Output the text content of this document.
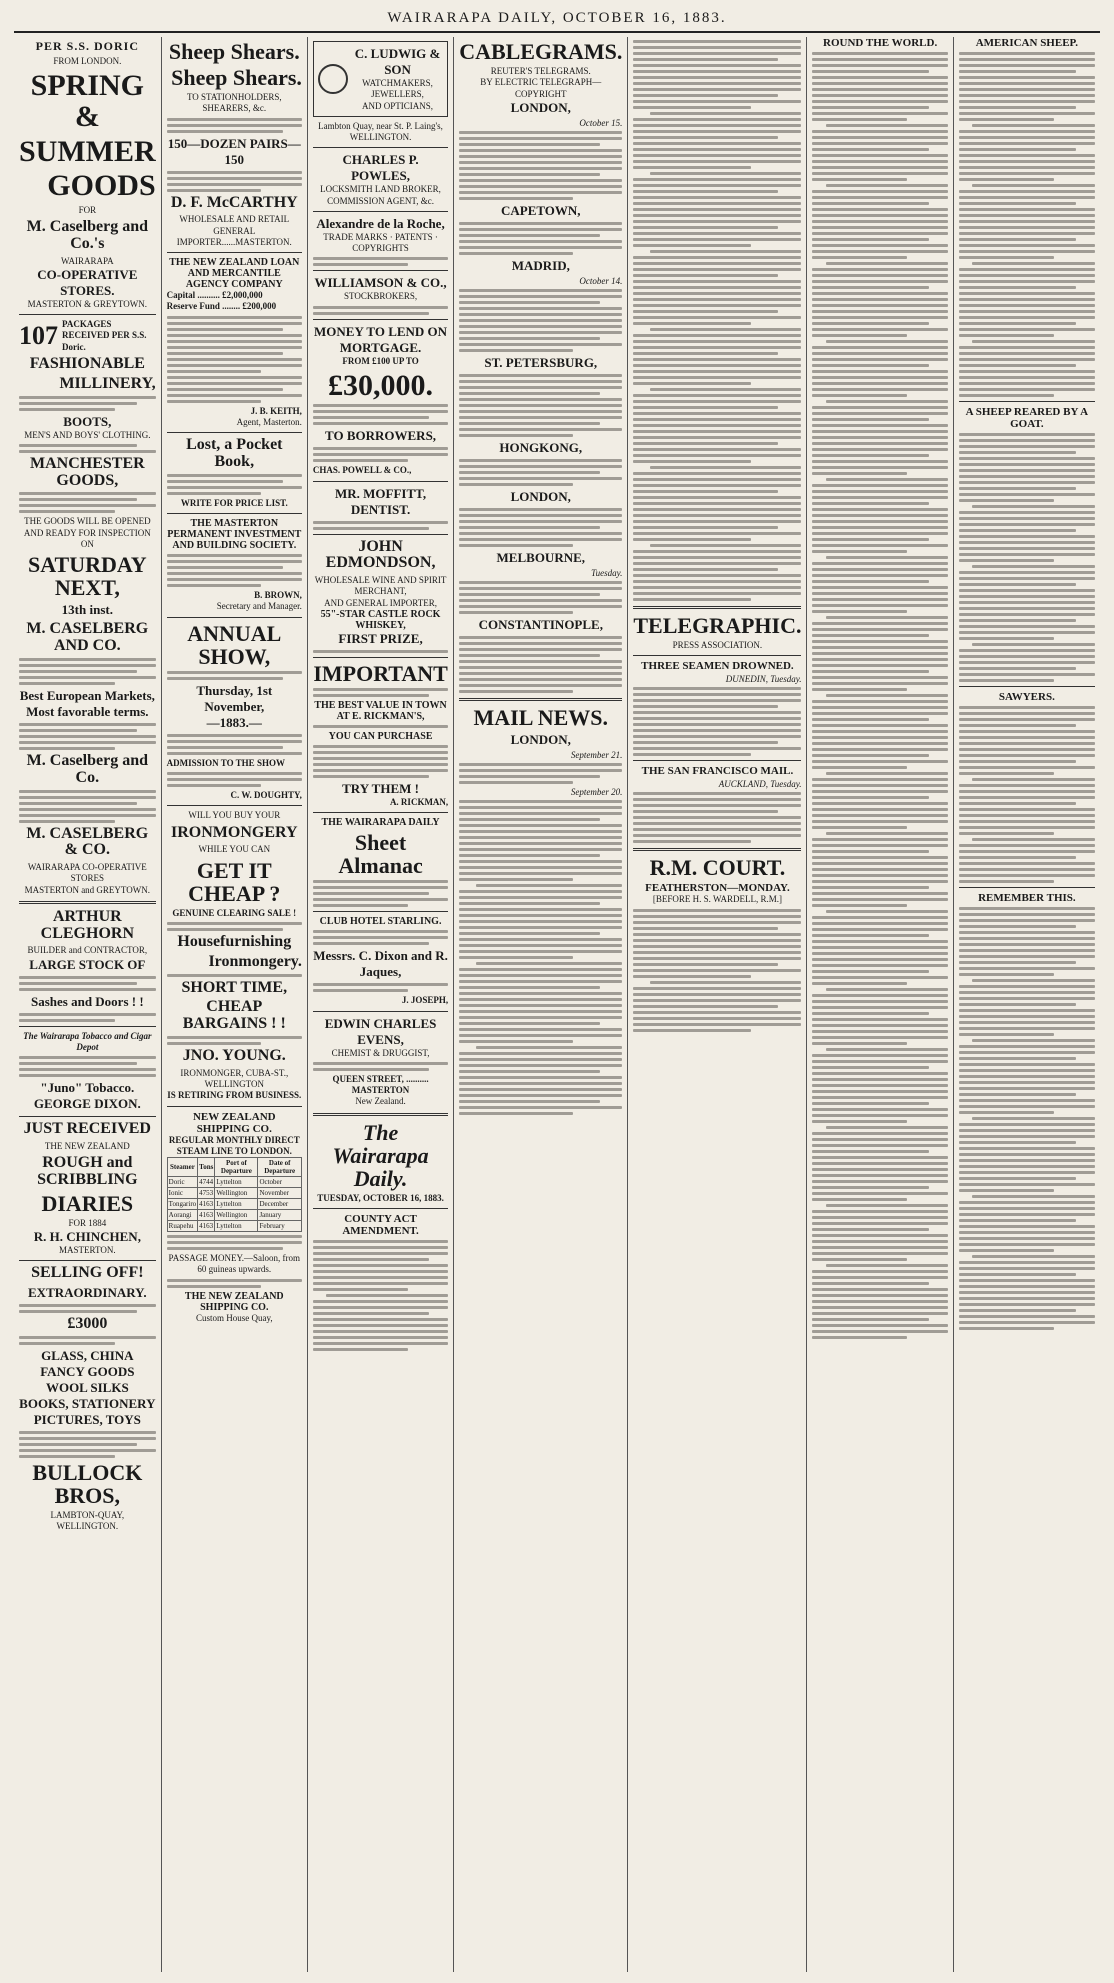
WAIRARAPA DAILY, OCTOBER 16, 1883.
PER S.S. DORIC
FROM LONDON.
SPRING &
SUMMER
GOODS
FOR
M. Caselberg and Co.'s
WAIRARAPA
CO-OPERATIVE STORES.
MASTERTON & GREYTOWN.
107 PACKAGES RECEIVED PER S.S. Doric.
FASHIONABLE
MILLINERY,
BOOTS,
MEN'S AND BOYS' CLOTHING.
MANCHESTER GOODS,
THE GOODS WILL BE OPENED AND READY FOR INSPECTION ON
SATURDAY NEXT,
13th inst.
M. CASELBERG AND CO.
Best European Markets,
Most favorable terms.
M. Caselberg and Co.
M. CASELBERG & CO.
WAIRARAPA CO-OPERATIVE STORES
MASTERTON and GREYTOWN.
ARTHUR CLEGHORN
BUILDER and CONTRACTOR,
LARGE STOCK OF
Sashes and Doors ! !
The Wairarapa Tobacco and Cigar Depot
"Juno" Tobacco.
GEORGE DIXON.
JUST RECEIVED
THE NEW ZEALAND
ROUGH and SCRIBBLING
DIARIES
FOR 1884
R. H. CHINCHEN,
MASTERTON.
SELLING OFF!
EXTRAORDINARY.
£3000
GLASS, CHINA
FANCY GOODS
WOOL SILKS
BOOKS, STATIONERY
PICTURES, TOYS
BULLOCK BROS,
LAMBTON-QUAY, WELLINGTON.
Sheep Shears.
Sheep Shears.
TO STATIONHOLDERS, SHEARERS, &c.
150—DOZEN PAIRS—150
D. F. McCARTHY
WHOLESALE AND RETAIL
GENERAL IMPORTER......MASTERTON.
THE NEW ZEALAND LOAN AND MERCANTILE AGENCY COMPANY
Capital .......... £2,000,000
Reserve Fund ........ £200,000
J. B. KEITH,
Agent, Masterton.
Lost, a Pocket Book,
WRITE FOR PRICE LIST.
THE MASTERTON PERMANENT INVESTMENT AND BUILDING SOCIETY.
B. BROWN,
Secretary and Manager.
ANNUAL SHOW,
Thursday, 1st November,
—1883.—
ADMISSION TO THE SHOW
C. W. DOUGHTY,
WILL YOU BUY YOUR
IRONMONGERY
WHILE YOU CAN
GET IT CHEAP ?
GENUINE CLEARING SALE !
Housefurnishing
Ironmongery.
SHORT TIME,
CHEAP BARGAINS ! !
JNO. YOUNG.
IRONMONGER, CUBA-ST., WELLINGTON
IS RETIRING FROM BUSINESS.
NEW ZEALAND SHIPPING CO.
REGULAR MONTHLY DIRECT STEAM LINE TO LONDON.
Steamer	Tons	Port of Departure	Date of Departure
Doric	4744	Lyttelton	October
Ionic	4753	Wellington	November
Tongariro	4163	Lyttelton	December
Aorangi	4163	Wellington	January
Ruapehu	4163	Lyttelton	February
PASSAGE MONEY.—Saloon, from 60 guineas upwards.
THE NEW ZEALAND SHIPPING CO.
Custom House Quay,
C. LUDWIG & SON
WATCHMAKERS,
JEWELLERS,
AND OPTICIANS,
Lambton Quay, near St. P. Laing's, WELLINGTON.
CHARLES P. POWLES,
LOCKSMITH LAND BROKER, COMMISSION AGENT, &c.
Alexandre de la Roche,
TRADE MARKS · PATENTS · COPYRIGHTS
WILLIAMSON & CO.,
STOCKBROKERS,
MONEY TO LEND ON MORTGAGE.
FROM £100 UP TO
£30,000.
TO BORROWERS,
CHAS. POWELL & CO.,
MR. MOFFITT, DENTIST.
JOHN EDMONDSON,
WHOLESALE WINE AND SPIRIT MERCHANT,
AND GENERAL IMPORTER,
55"-STAR CASTLE ROCK WHISKEY,
FIRST PRIZE,
IMPORTANT
THE BEST VALUE IN TOWN AT E. RICKMAN'S,
YOU CAN PURCHASE
TRY THEM !
A. RICKMAN,
THE WAIRARAPA DAILY
Sheet Almanac
CLUB HOTEL STARLING.
Messrs. C. Dixon and R. Jaques,
J. JOSEPH,
EDWIN CHARLES EVENS,
CHEMIST & DRUGGIST,
QUEEN STREET, .......... MASTERTON
New Zealand.
The Wairarapa Daily.
TUESDAY, OCTOBER 16, 1883.
COUNTY ACT AMENDMENT.
CABLEGRAMS.
REUTER'S TELEGRAMS.
BY ELECTRIC TELEGRAPH—COPYRIGHT
LONDON,
October 15.
CAPETOWN,
MADRID,
October 14.
ST. PETERSBURG,
HONGKONG,
LONDON,
MELBOURNE,
Tuesday.
CONSTANTINOPLE,
MAIL NEWS.
LONDON,
September 21.
September 20.
TELEGRAPHIC.
PRESS ASSOCIATION.
THREE SEAMEN DROWNED.
DUNEDIN, Tuesday.
THE SAN FRANCISCO MAIL.
AUCKLAND, Tuesday.
R.M. COURT.
FEATHERSTON—MONDAY.
[BEFORE H. S. WARDELL, R.M.]
ROUND THE WORLD.	AMERICAN SHEEP.
A SHEEP REARED BY A GOAT.
SAWYERS.
REMEMBER THIS.
